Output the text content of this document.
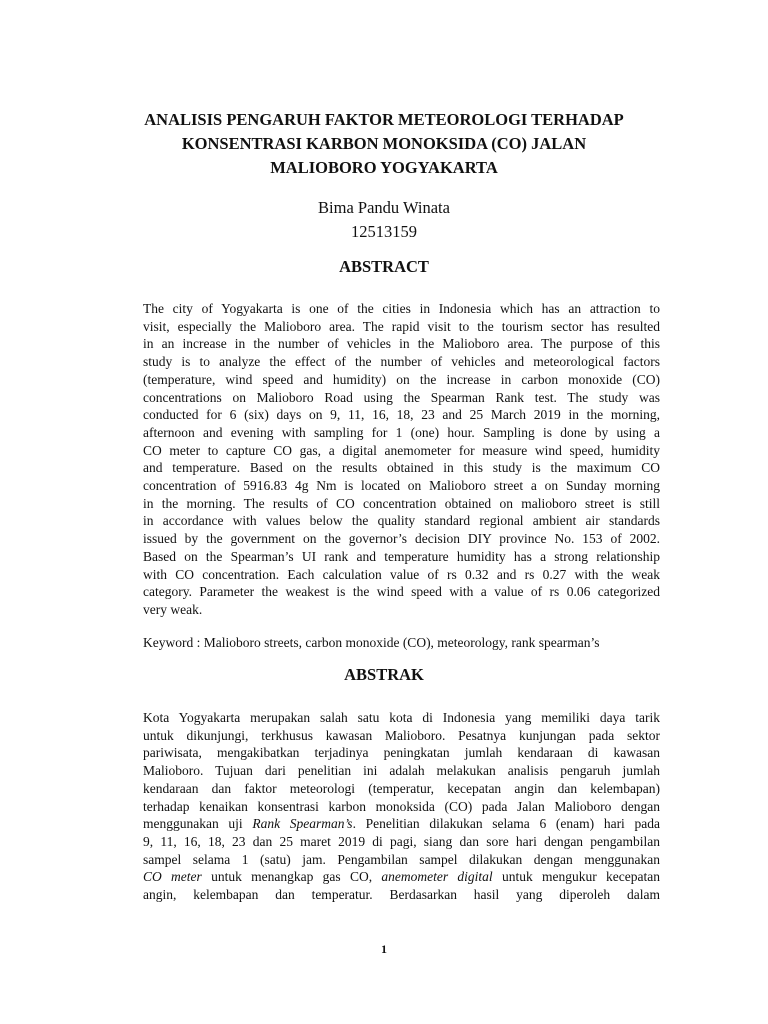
ANALISIS PENGARUH FAKTOR METEOROLOGI TERHADAP
KONSENTRASI KARBON MONOKSIDA (CO) JALAN
MALIOBORO YOGYAKARTA
Bima Pandu Winata
12513159
ABSTRACT
The city of Yogyakarta is one of the cities in Indonesia which has an attraction to
visit, especially the Malioboro area. The rapid visit to the tourism sector has resulted
in an increase in the number of vehicles in the Malioboro area. The purpose of this
study is to analyze the effect of the number of vehicles and meteorological factors
(temperature, wind speed and humidity) on the increase in carbon monoxide (CO)
concentrations on Malioboro Road using the Spearman Rank test. The study was
conducted for 6 (six) days on 9, 11, 16, 18, 23 and 25 March 2019 in the morning,
afternoon and evening with sampling for 1 (one) hour. Sampling is done by using a
CO meter to capture CO gas, a digital anemometer for measure wind speed, humidity
and temperature. Based on the results obtained in this study is the maximum CO
concentration of 5916.83 4g Nm is located on Malioboro street a on Sunday morning
in the morning. The results of CO concentration obtained on malioboro street is still
in accordance with values below the quality standard regional ambient air standards
issued by the government on the governor’s decision DIY province No. 153 of 2002.
Based on the Spearman’s UI rank and temperature humidity has a strong relationship
with CO concentration. Each calculation value of rs 0.32 and rs 0.27 with the weak
category. Parameter the weakest is the wind speed with a value of rs 0.06 categorized
very weak.
Keyword : Malioboro streets, carbon monoxide (CO), meteorology, rank spearman’s
ABSTRAK
Kota Yogyakarta merupakan salah satu kota di Indonesia yang memiliki daya tarik
untuk dikunjungi, terkhusus kawasan Malioboro. Pesatnya kunjungan pada sektor
pariwisata, mengakibatkan terjadinya peningkatan jumlah kendaraan di kawasan
Malioboro. Tujuan dari penelitian ini adalah melakukan analisis pengaruh jumlah
kendaraan dan faktor meteorologi (temperatur, kecepatan angin dan kelembapan)
terhadap kenaikan konsentrasi karbon monoksida (CO) pada Jalan Malioboro dengan
menggunakan uji Rank Spearman’s. Penelitian dilakukan selama 6 (enam) hari pada
9, 11, 16, 18, 23 dan 25 maret 2019 di pagi, siang dan sore hari dengan pengambilan
sampel selama 1 (satu) jam. Pengambilan sampel dilakukan dengan menggunakan
CO meter untuk menangkap gas CO, anemometer digital untuk mengukur kecepatan
angin, kelembapan dan temperatur. Berdasarkan hasil yang diperoleh dalam
1
